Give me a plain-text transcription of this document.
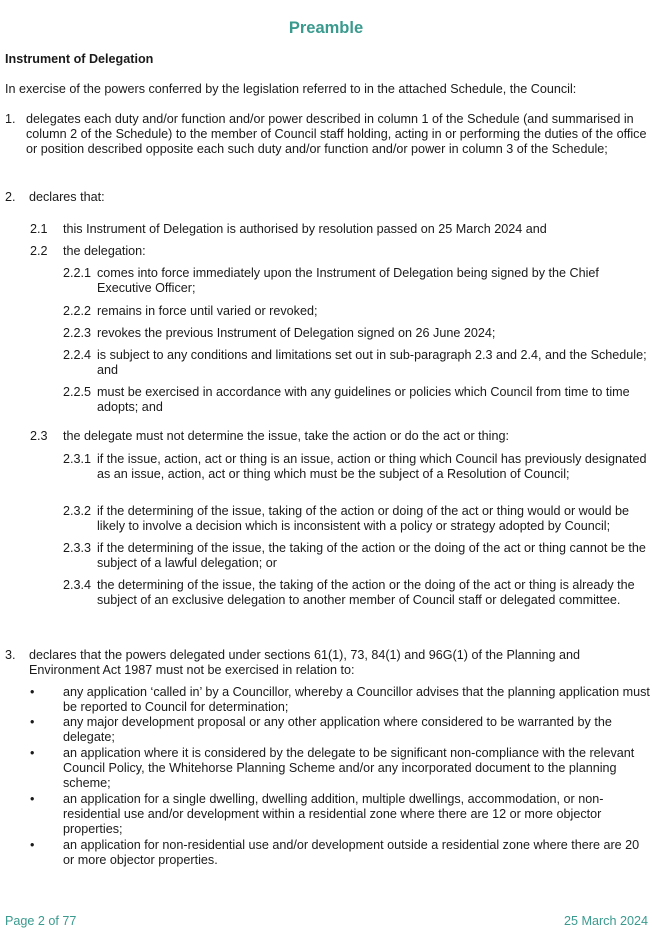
Preamble
Instrument of Delegation
In exercise of the powers conferred by the legislation referred to in the attached Schedule, the Council:
1. delegates each duty and/or function and/or power described in column 1 of the Schedule (and summarised in column 2 of the Schedule) to the member of Council staff holding, acting in or performing the duties of the office or position described opposite each such duty and/or function and/or power in column 3 of the Schedule;
2. declares that:
2.1 this Instrument of Delegation is authorised by resolution passed on 25 March 2024 and
2.2 the delegation:
2.2.1 comes into force immediately upon the Instrument of Delegation being signed by the Chief Executive Officer;
2.2.2 remains in force until varied or revoked;
2.2.3 revokes the previous Instrument of Delegation signed on 26 June 2024;
2.2.4 is subject to any conditions and limitations set out in sub-paragraph 2.3 and 2.4, and the Schedule; and
2.2.5 must be exercised in accordance with any guidelines or policies which Council from time to time adopts; and
2.3 the delegate must not determine the issue, take the action or do the act or thing:
2.3.1 if the issue, action, act or thing is an issue, action or thing which Council has previously designated as an issue, action, act or thing which must be the subject of a Resolution of Council;
2.3.2 if the determining of the issue, taking of the action or doing of the act or thing would or would be likely to involve a decision which is inconsistent with a policy or strategy adopted by Council;
2.3.3 if the determining of the issue, the taking of the action or the doing of the act or thing cannot be the subject of a lawful delegation; or
2.3.4 the determining of the issue, the taking of the action or the doing of the act or thing is already the subject of an exclusive delegation to another member of Council staff or delegated committee.
3. declares that the powers delegated under sections 61(1), 73, 84(1) and 96G(1) of the Planning and Environment Act 1987 must not be exercised in relation to:
• any application ‘called in’ by a Councillor, whereby a Councillor advises that the planning application must be reported to Council for determination;
• any major development proposal or any other application where considered to be warranted by the delegate;
• an application where it is considered by the delegate to be significant non-compliance with the relevant Council Policy, the Whitehorse Planning Scheme and/or any incorporated document to the planning scheme;
• an application for a single dwelling, dwelling addition, multiple dwellings, accommodation, or non-residential use and/or development within a residential zone where there are 12 or more objector properties;
• an application for non-residential use and/or development outside a residential zone where there are 20 or more objector properties.
Page 2 of 77	25 March 2024
